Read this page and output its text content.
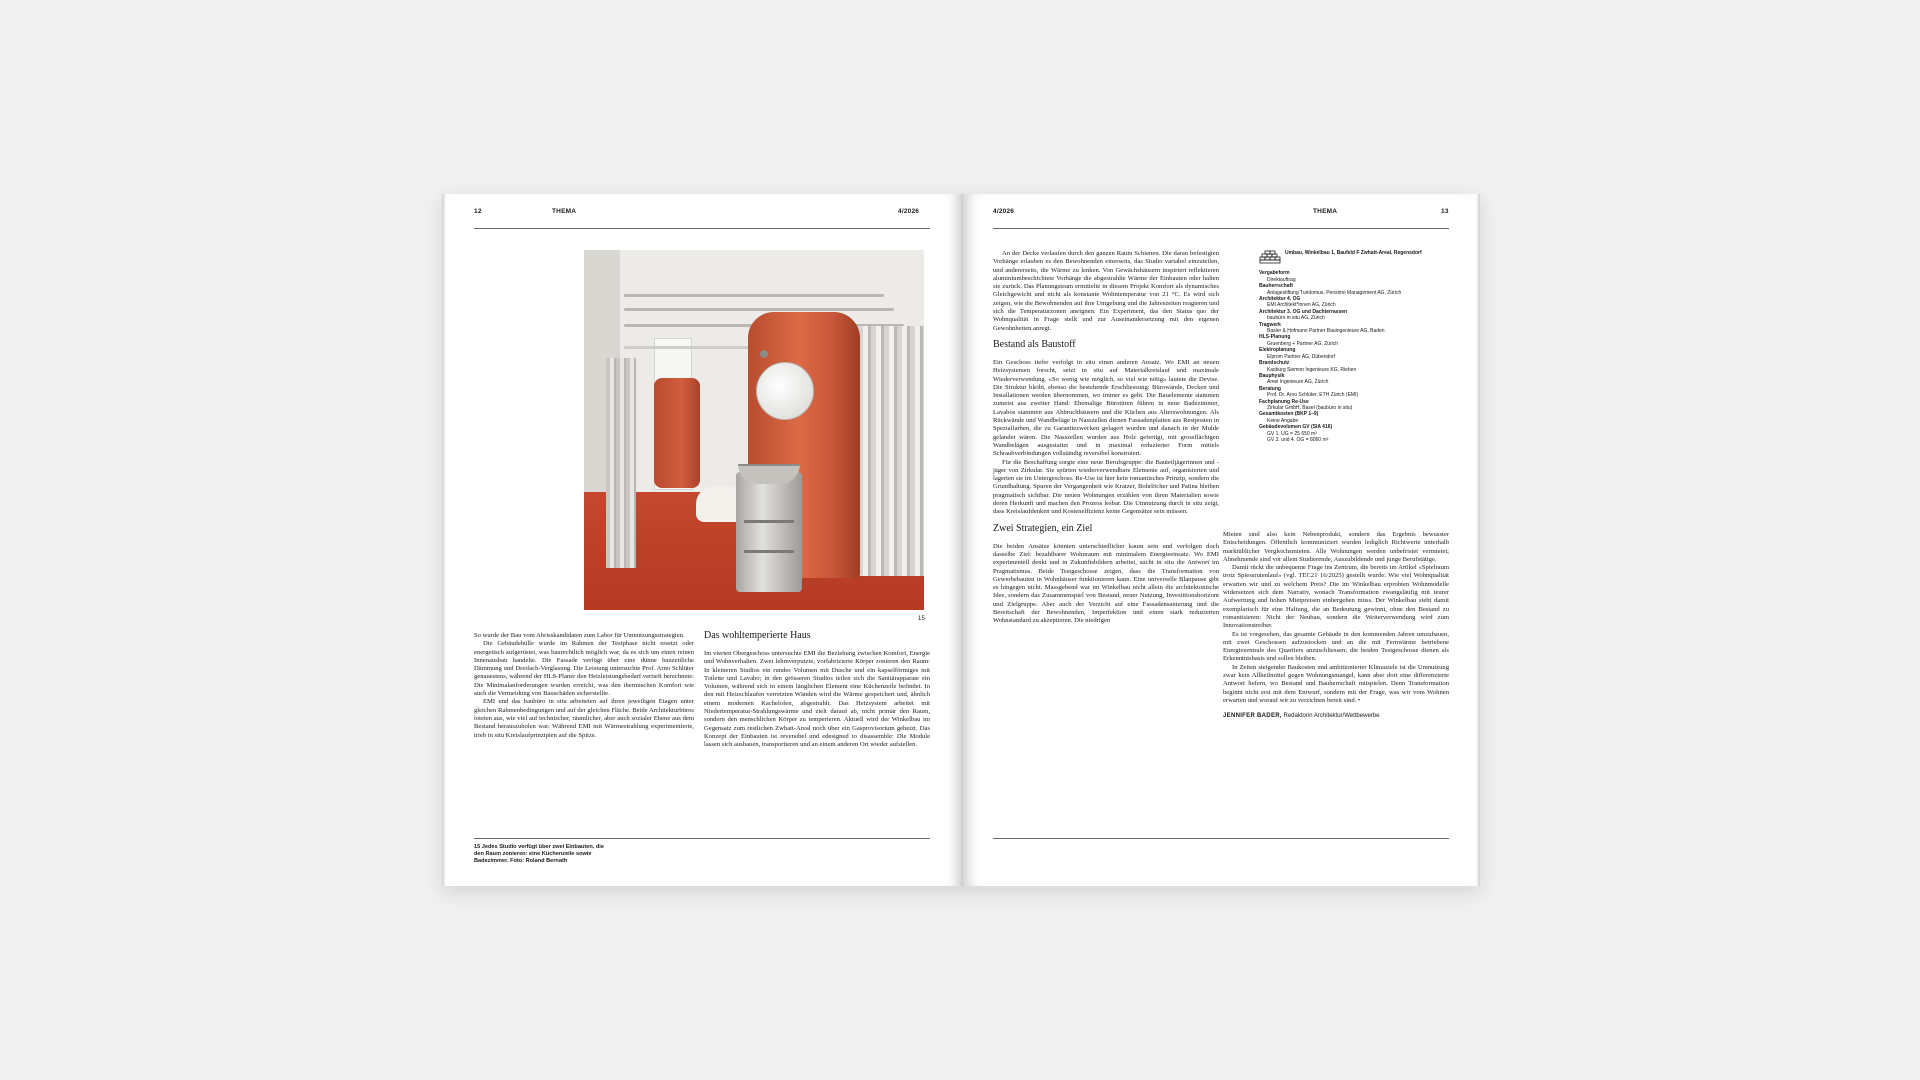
12	THEMA	4/2026
15

So wurde der Bau vom Abrisskandidaten zum Labor für Umnutzungsstrategien.

Die Gebäudehülle wurde im Rahmen der Testphase nicht ersetzt oder energetisch aufgerüstet, was baurechtlich möglich war, da es sich um einen reinen Innenausbau handelte. Die Fassade verfügt über eine dünne bauzeitliche Dämmung und Dreifach-Verglasung. Die Leistung untersuchte Prof. Arno Schlüter genauestens, während der HLS-Planer den Heizleistungsbedarf vertieft berechnete: Die Minimalanforderungen wurden erreicht, was den thermischen Komfort wie auch die Vermeidung von Bauschäden sicherstellte.

EMI und das baubüro in situ arbeiteten auf ihren jeweiligen Etagen unter gleichen Rahmenbedingungen und auf der gleichen Fläche. Beide Architekturbüros loteten aus, wie viel auf technischer, räumlicher, aber auch sozialer Ebene aus dem Bestand herauszuholen war. Während EMI mit Wärmestrahlung experimentierte, trieb in situ Kreislaufprinzipien auf die Spitze.

Das wohltemperierte Haus

Im vierten Obergeschoss untersuchte EMI die Beziehung zwischen Komfort, Energie und Wohnverhalten. Zwei lehmverputzte, vorfabrizierte Körper zonieren den Raum: In kleineren Studios ein rundes Volumen mit Dusche und ein kapselförmiges mit Toilette und Lavabo; in den grösseren Studios teilen sich die Sanitärapparate ein Volumen, während sich in einem länglichen Element eine Küchenzeile befindet. In den mit Heizschlaufen verretzten Wänden wird die Wärme gespeichert und, ähnlich einem modernen Kachelofen, abgestrahlt. Das Heizsystem arbeitet mit Niedertemperatur-Strahlungswärme und zielt darauf ab, nicht primär den Raum, sondern den menschlichen Körper zu temperieren. Aktuell wird der Winkelbau im Gegensatz zum restlichen Zwhatt-Areal noch über ein Gasprovisorium geheizt. Das Konzept der Einbauten ist reversibel und edesigned to disassemble: Die Module lassen sich ausbauen, transportieren und an einem anderen Ort wieder aufstellen.

15 Jedes Studio verfügt über zwei Einbauten, die den Raum zonieren: eine Küchenzeile sowie Badezimmer. Foto: Roland Bernath
4/2026	THEMA	13

An der Decke verlaufen durch den ganzen Raum Schienen. Die daran befestigten Vorhänge erlauben es den Bewohnenden einerseits, das Studio variabel einzuteilen, und andererseits, die Wärme zu lenken. Von Gewächshäusern inspiriert reflektieren aluminiumbeschichtete Vorhänge die abgestrahlte Wärme der Einbauten oder halten sie zurück. Das Planungsteam ermittelte in diesem Projekt Komfort als dynamisches Gleichgewicht und nicht als konstante Wohntemperatur von 21 °C. Es wird sich zeigen, wie die Bewohnenden auf ihre Umgebung und die Jahreszeiten reagieren und sich die Temperaturzonen aneignen. Ein Experiment, das den Status quo der Wohnqualität in Frage stellt und zur Auseinandersetzung mit den eigenen Gewohnheiten anregt.

Bestand als Baustoff

Ein Geschoss tiefer verfolgt in situ einen anderen Ansatz. Wo EMI an neuen Heizsystemen forscht, setzt in situ auf Materialkreislauf und maximale Wiederverwendung. «So wenig wie möglich, so viel wie nötig» lautete die Devise. Die Struktur bleibt, ebenso die bestehende Erschliessung: Bürowände, Decken und Installationen werden übernommen, wo immer es geht. Die Bauelemente stammen zumeist aus zweiter Hand: Ehemalige Bürotüren führen in neue Badezimmer, Lavabos stammen aus Abbruchhäusern und die Küchen aus Alterswohnungen. Als Rückwände und Wandbeläge in Nasszellen dienen Fassadenplatten aus Restposten in Spezialfarben, die zu Garantiezwecken gelagert wurden und danach in der Mulde gelandet wären. Die Nasszellen wurden aus Holz gefertigt, mit grossflächigen Wandbelägen ausgestattet und in maximal reduzierter Form mittels Schraubverbindungen vollständig reversibel konstruiert.

Für die Beschaffung sorgte eine neue Berufsgruppe: die Bauteiljägerinnen und -jäger von Zirkular. Sie spürten wiederverwendbare Elemente auf, organisierten und lagerten sie im Untergeschoss. Re-Use ist hier kein romantisches Prinzip, sondern die Grundhaltung. Spuren der Vergangenheit wie Kratzer, Bohrlöcher und Patina bleiben pragmatisch sichtbar. Die neuen Wohnungen erzählen von ihren Materialien sowie deren Herkunft und machen den Prozess lesbar. Die Umnutzung durch in situ zeigt, dass Kreislaufdenken und Kosteneffizienz keine Gegensätze sein müssen.

Zwei Strategien, ein Ziel

Die beiden Ansätze könnten unterschiedlicher kaum sein und verfolgen doch dasselbe Ziel: bezahlbarer Wohnraum mit minimalem Energieeinsatz. Wo EMI experimentell denkt und in Zukunftsbildern arbeitet, sucht in situ die Antwort im Pragmatismus. Beide Testgeschosse zeigen, dass die Transformation von Gewerbebauten in Wohnhäuser funktionieren kann. Eine universelle Blaupause gibt es hingegen nicht. Massgebend war im Winkelbau nicht allein die architektonische Idee, sondern das Zusammenspiel von Bestand, neuer Nutzung, Investitionshorizont und Zielgruppe. Aber auch der Verzicht auf eine Fassadensanierung und die Bereitschaft der Bewohnenden, Imperfektion und einen stark reduzierten Wohnstandard zu akzeptieren. Die niedrigen

Umbau, Winkelbau 1, Baufeld F Zwhatt-Areal, Regensdorf
Vergabeform
Direktauftrag
Bauherrschaft
Anlagestiftung Turidomus, Pensimo Management AG, Zürich
Architektur 4. OG
EMI Architekt*innen AG, Zürich
Architektur 3. OG und Dachterrassen
baubüro in situ AG, Zürich
Tragwerk
Basler & Hofmann Partner Bauingenieure AG, Baden
HLS-Planung
Gruenberg + Partner AG, Zürich
Elektroplanung
Elprom Partner AG, Dübendorf
Brandschutz
Kasburg Siemon Ingenieure KG, Riehen
Bauphysik
Amei Ingenieure AG, Zürich
Beratung
Prof. Dr. Arno Schlüter, ETH Zürich (EMI)
Fachplanung Re-Use
Zirkular GmbH, Basel (baubüro in situ)
Gesamtkosten (BKP 1–9)
Keine Angabe
Gebäudevolumen GV (SIA 416)
GV 1. UG = 25 650 m³
GV 3. und 4. OG = 8060 m³

Mieten sind also kein Nebenprodukt, sondern das Ergebnis bewusster Entscheidungen. Öffentlich kommuniziert wurden lediglich Richtwerte unterhalb marktüblicher Vergleichsmieten. Alle Wohnungen werden unbefristet vermietet; Abnehmende sind vor allem Studierende, Auszubildende und junge Berufstätige.

Damit rückt die unbequeme Frage ins Zentrum, die bereits im Artikel «Spielraum trotz Spiessrutenlauf» (vgl. TEC21 16/2025) gestellt wurde: Wie viel Wohnqualität erwarten wir und zu welchem Preis? Die im Winkelbau erprobten Wohnmodelle widersetzen sich dem Narrativ, wonach Transformation zwangsläufig mit teurer Aufwertung und hohen Mietpreisen einhergehen muss. Der Winkelbau steht damit exemplarisch für eine Haltung, die an Bedeutung gewinnt, ohne den Bestand zu romantisieren: Nicht der Neubau, sondern die Weiterverwendung wird zum Innovationstreiber.

Es ist vorgesehen, das gesamte Gebäude in den kommenden Jahren umzubauen, mit zwei Geschossen aufzustocken und an die mit Fernwärme betriebene Energiezentrale des Quartiers anzuschliessen; die beiden Testgeschosse dienen als Erkenntnisbasis und sollen bleiben.

In Zeiten steigender Baukosten und ambitionierter Klimaziele ist die Umnutzung zwar kein Allheilmittel gegen Wohnungsmangel, kann aber dort eine differenzierte Antwort liefern, wo Bestand und Bauherrschaft mitspielen. Denn Transformation beginnt nicht erst mit dem Entwurf, sondern mit der Frage, was wir vom Wohnen erwarten und worauf wir zu verzichten bereit sind. •

JENNIFER BADER, Redaktorin Architektur/Wettbewerbe
